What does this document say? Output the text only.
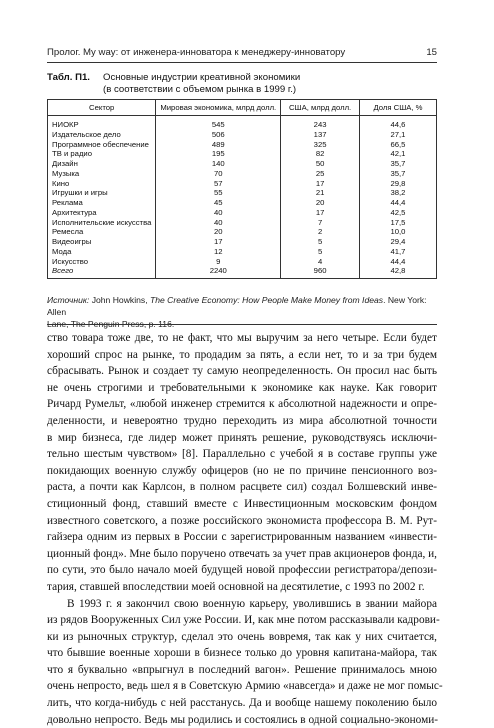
Пролог. My way: от инженера-инноватора к менеджеру-инноватору	15
Табл. П1. Основные индустрии креативной экономики
(в соответствии с объемом рынка в 1999 г.)
Сектор	Мировая экономика, млрд долл.	США, млрд долл.	Доля США, %
НИОКР	545	243	44,6
Издательское дело	506	137	27,1
Программное обеспечение	489	325	66,5
ТВ и радио	195	82	42,1
Дизайн	140	50	35,7
Музыка	70	25	35,7
Кино	57	17	29,8
Игрушки и игры	55	21	38,2
Реклама	45	20	44,4
Архитектура	40	17	42,5
Исполнительские искусства	40	7	17,5
Ремесла	20	2	10,0
Видеоигры	17	5	29,4
Мода	12	5	41,7
Искусство	9	4	44,4
Всего	2240	960	42,8
Источник: John Howkins, The Creative Economy: How People Make Money from Ideas. New York: Allen
Lane, The Penguin Press, p. 116.
ство товара тоже две, то не факт, что мы выручим за него четыре. Если будет
хороший спрос на рынке, то продадим за пять, а если нет, то и за три будем
сбрасывать. Рынок и создает ту самую неопределенность. Он просил нас быть
не очень строгими и требовательными к экономике как науке. Как говорит
Ричард Румельт, «любой инженер стремится к абсолютной надежности и опре-
деленности, и невероятно трудно переходить из мира абсолютной точности
в мир бизнеса, где лидер может принять решение, руководствуясь исключи-
тельно шестым чувством» [8]. Параллельно с учебой я в составе группы уже
покидающих военную службу офицеров (но не по причине пенсионного воз-
раста, а почти как Карлсон, в полном расцвете сил) создал Болшевский инве-
стиционный фонд, ставший вместе с Инвестиционным московским фондом
известного советского, а позже российского экономиста профессора В. М. Рут-
гайзера одним из первых в России с зарегистрированным названием «инвести-
ционный фонд». Мне было поручено отвечать за учет прав акционеров фонда, и,
по сути, это было начало моей будущей новой профессии регистратора/депози-
тария, ставшей впоследствии моей основной на десятилетие, с 1993 по 2002 г.
В 1993 г. я закончил свою военную карьеру, уволившись в звании майора
из рядов Вооруженных Сил уже России. И, как мне потом рассказывали кадрови-
ки из рыночных структур, сделал это очень вовремя, так как у них считается,
что бывшие военные хороши в бизнесе только до уровня капитана-майора, так
что я буквально «впрыгнул в последний вагон». Решение принималось мною
очень непросто, ведь шел я в Советскую Армию «навсегда» и даже не мог помыс-
лить, что когда-нибудь с ней расстанусь. Да и вообще нашему поколению было
довольно непросто. Ведь мы родились и состоялись в одной социально-экономи-
